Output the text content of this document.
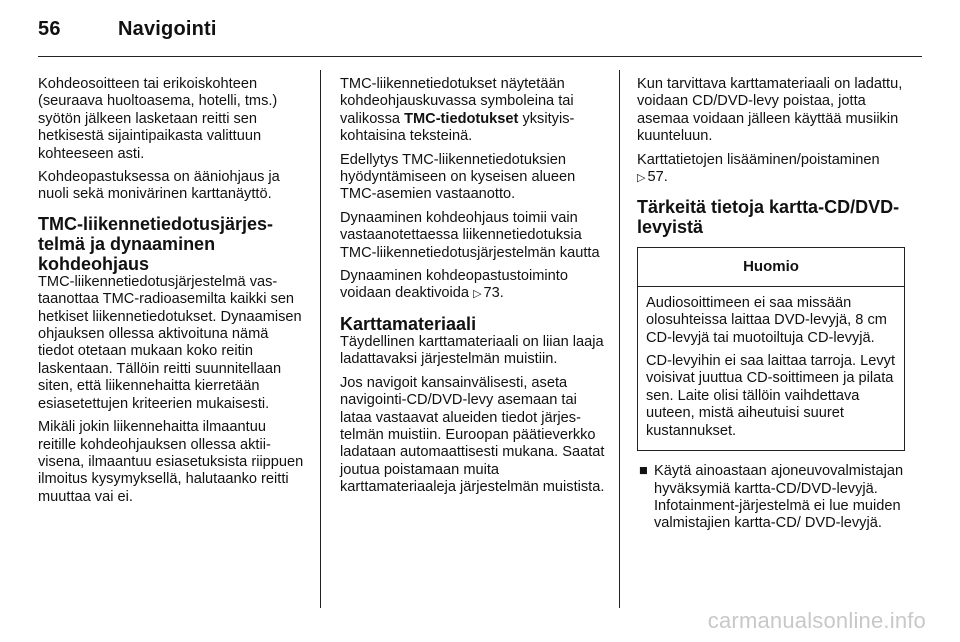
56	Navigointi

Kohdeosoitteen tai erikoiskohteen (seuraava huoltoasema, hotelli, tms.) syötön jälkeen lasketaan reitti sen hetkisestä sijaintipaikasta valittuun kohteeseen asti.

Kohdeopastuksessa on ääniohjaus ja nuoli sekä monivärinen karttanäyttö.

TMC-liikennetiedotusjärjestelmä ja dynaaminen kohdeohjaus

TMC-liikennetiedotusjärjestelmä vastaanottaa TMC-radioasemilta kaikki sen hetkiset liikennetiedotukset. Dynaamisen ohjauksen ollessa aktivoituna nämä tiedot otetaan mukaan koko reitin laskentaan. Tällöin reitti suunnitellaan siten, että liikennehaitta kierretään esiasetettujen kriteerien mukaisesti.

Mikäli jokin liikennehaitta ilmaantuu reitille kohdeohjauksen ollessa aktiivisena, ilmaantuu esiasetuksista riippuen ilmoitus kysymyksellä, halutaanko reitti muuttaa vai ei.

TMC-liikennetiedotukset näytetään kohdeohjauskuvassa symboleina tai valikossa TMC-tiedotukset yksityiskohtaisina teksteinä.

Edellytys TMC-liikennetiedotuksien hyödyntämiseen on kyseisen alueen TMC-asemien vastaanotto.

Dynaaminen kohdeohjaus toimii vain vastaanotettaessa liikennetiedotuksia TMC-liikennetiedotusjärjestelmän kautta

Dynaaminen kohdeopastustoiminto voidaan deaktivoida ▷ 73.

Karttamateriaali

Täydellinen karttamateriaali on liian laaja ladattavaksi järjestelmän muistiin.

Jos navigoit kansainvälisesti, aseta navigointi-CD/DVD-levy asemaan tai lataa vastaavat alueiden tiedot järjestelmän muistiin. Euroopan päätieverkko ladataan automaattisesti mukana. Saatat joutua poistamaan muita karttamateriaaleja järjestelmän muistista.

Kun tarvittava karttamateriaali on ladattu, voidaan CD/DVD-levy poistaa, jotta asemaa voidaan jälleen käyttää musiikin kuunteluun.

Karttatietojen lisääminen/poistaminen ▷ 57.

Tärkeitä tietoja kartta-CD/DVD-levyistä
Huomio

Audiosoittimeen ei saa missään olosuhteissa laittaa DVD-levyjä, 8 cm CD-levyjä tai muotoiltuja CD-levyjä.

CD-levyihin ei saa laittaa tarroja. Levyt voisivat juuttua CD-soittimeen ja pilata sen. Laite olisi tällöin vaihdettava uuteen, mistä aiheutuisi suuret kustannukset.

■ Käytä ainoastaan ajoneuvovalmistajan hyväksymiä kartta-CD/DVD-levyjä. Infotainment-järjestelmä ei lue muiden valmistajien kartta-CD/ DVD-levyjä.
carmanualsonline.info
